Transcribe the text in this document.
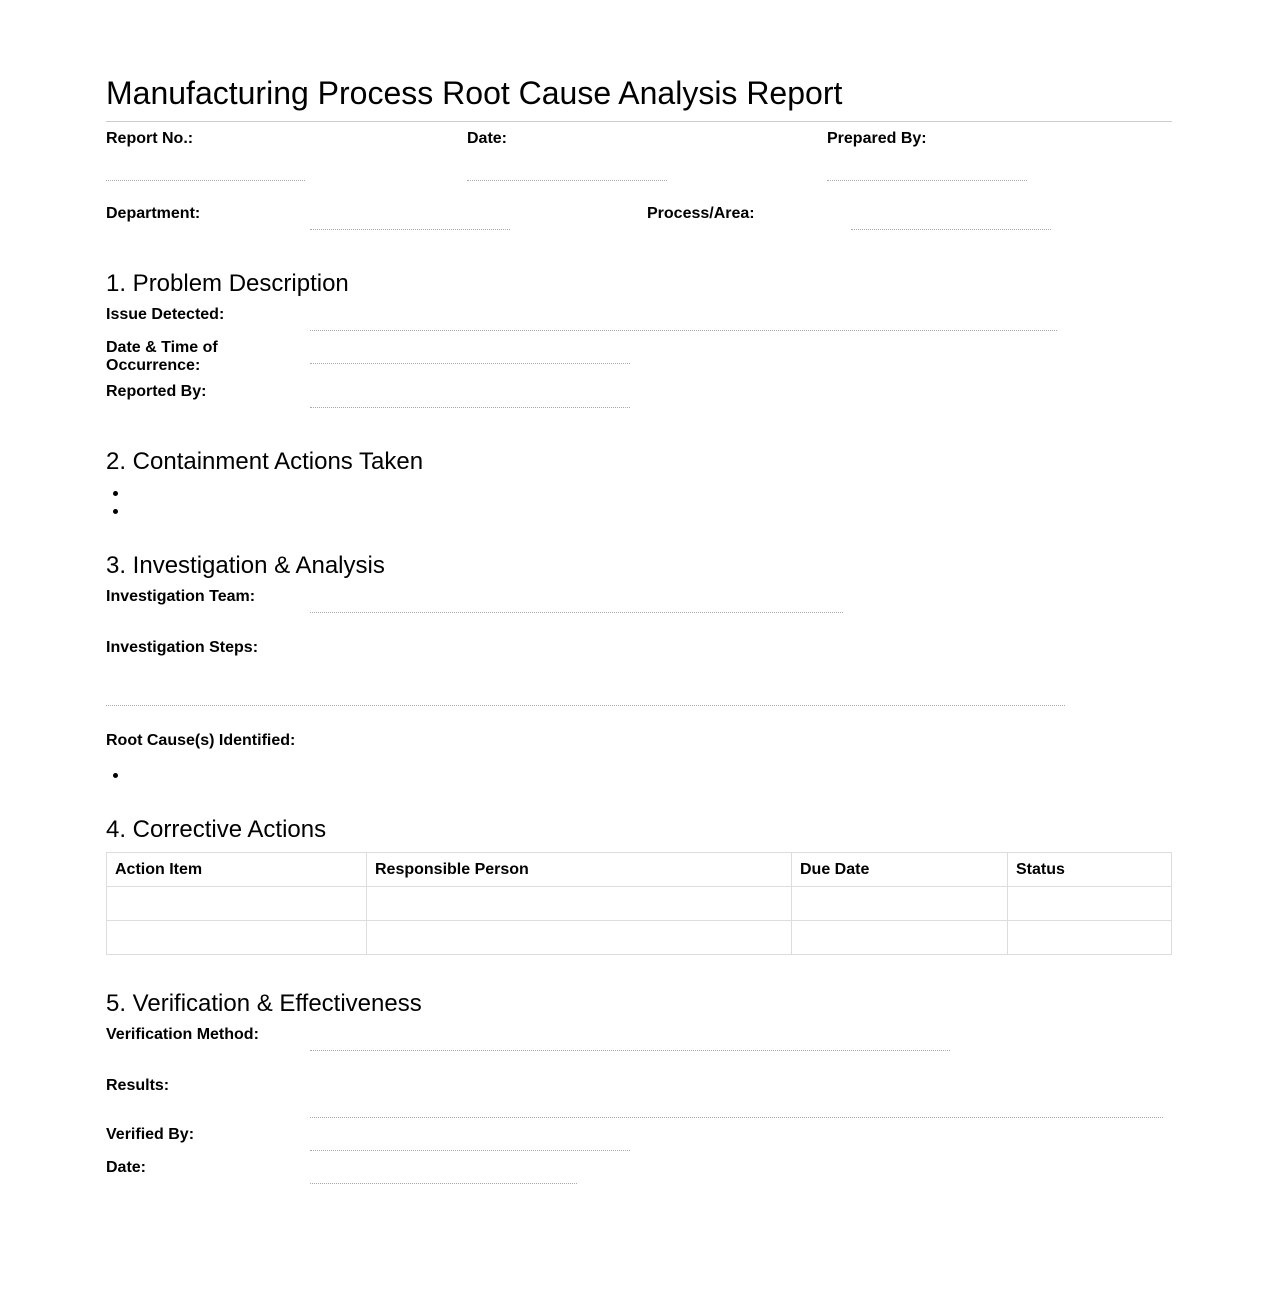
Manufacturing Process Root Cause Analysis Report
Report No.:	Date:	Prepared By:
Department:	Process/Area:
1. Problem Description
Issue Detected:
Date & Time of
Occurrence:
Reported By:
2. Containment Actions Taken
3. Investigation & Analysis
Investigation Team:
Investigation Steps:
Root Cause(s) Identified:
4. Corrective Actions
Action Item	Responsible Person	Due Date	Status

5. Verification & Effectiveness
Verification Method:
Results:
Verified By:
Date:
